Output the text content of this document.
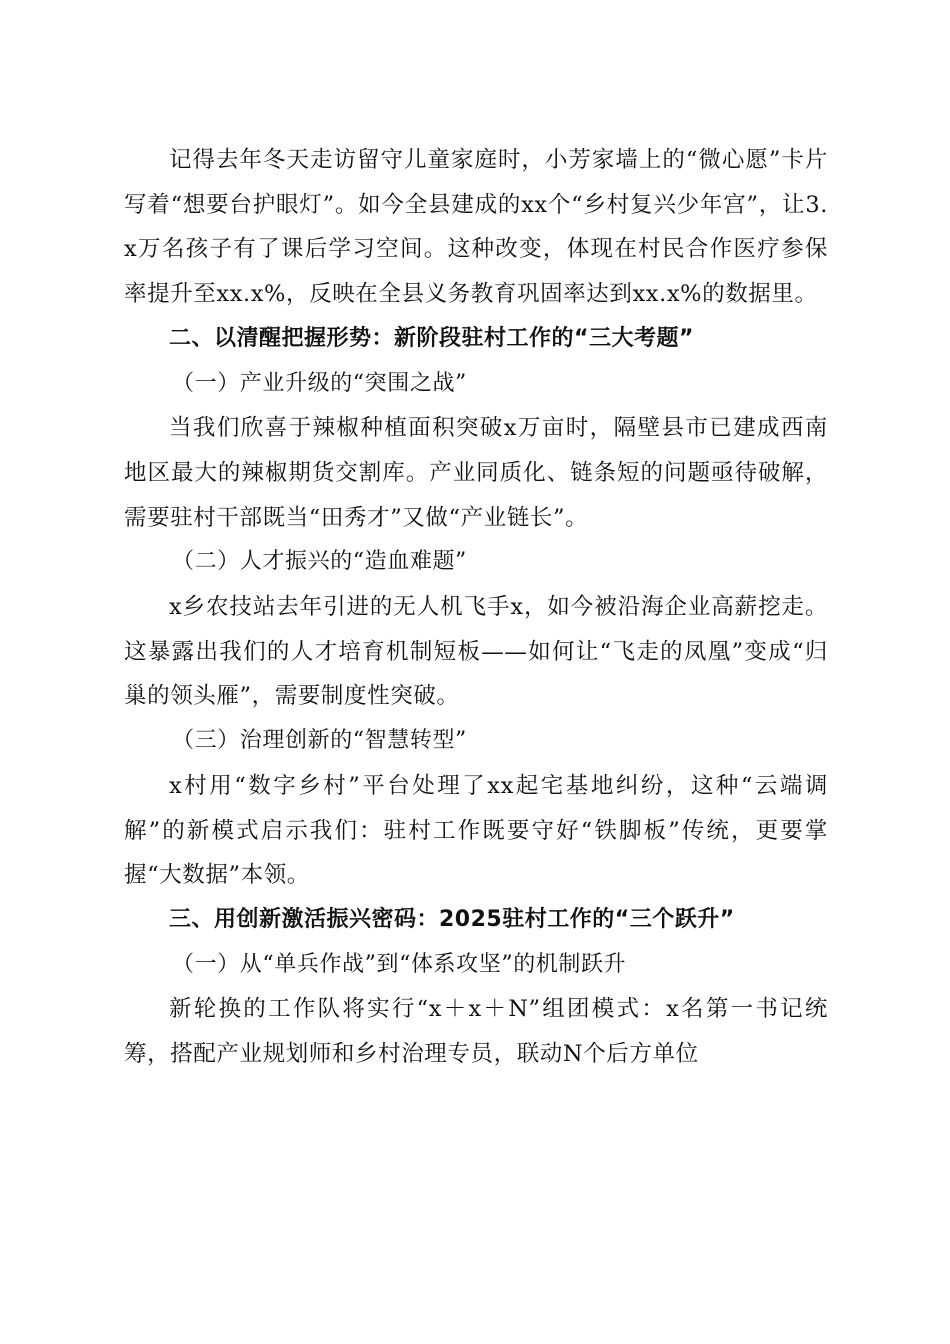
记得去年冬天走访留守儿童家庭时，小芳家墙上的“微心愿”卡片写着“想要台护眼灯”。如今全县建成的xx个“乡村复兴少年宫”，让3.x万名孩子有了课后学习空间。这种改变，体现在村民合作医疗参保率提升至xx.x%，反映在全县义务教育巩固率达到xx.x%的数据里。

二、以清醒把握形势：新阶段驻村工作的“三大考题”

（一）产业升级的“突围之战”

当我们欣喜于辣椒种植面积突破x万亩时，隔壁县市已建成西南地区最大的辣椒期货交割库。产业同质化、链条短的问题亟待破解，需要驻村干部既当“田秀才”又做“产业链长”。

（二）人才振兴的“造血难题”

x乡农技站去年引进的无人机飞手x，如今被沿海企业高薪挖走。这暴露出我们的人才培育机制短板——如何让“飞走的凤凰”变成“归巢的领头雁”，需要制度性突破。

（三）治理创新的“智慧转型”

x村用“数字乡村”平台处理了xx起宅基地纠纷，这种“云端调解”的新模式启示我们：驻村工作既要守好“铁脚板”传统，更要掌握“大数据”本领。

三、用创新激活振兴密码：2025驻村工作的“三个跃升”

（一）从“单兵作战”到“体系攻坚”的机制跃升

新轮换的工作队将实行“x＋x＋N”组团模式：x名第一书记统筹，搭配产业规划师和乡村治理专员，联动N个后方单位
